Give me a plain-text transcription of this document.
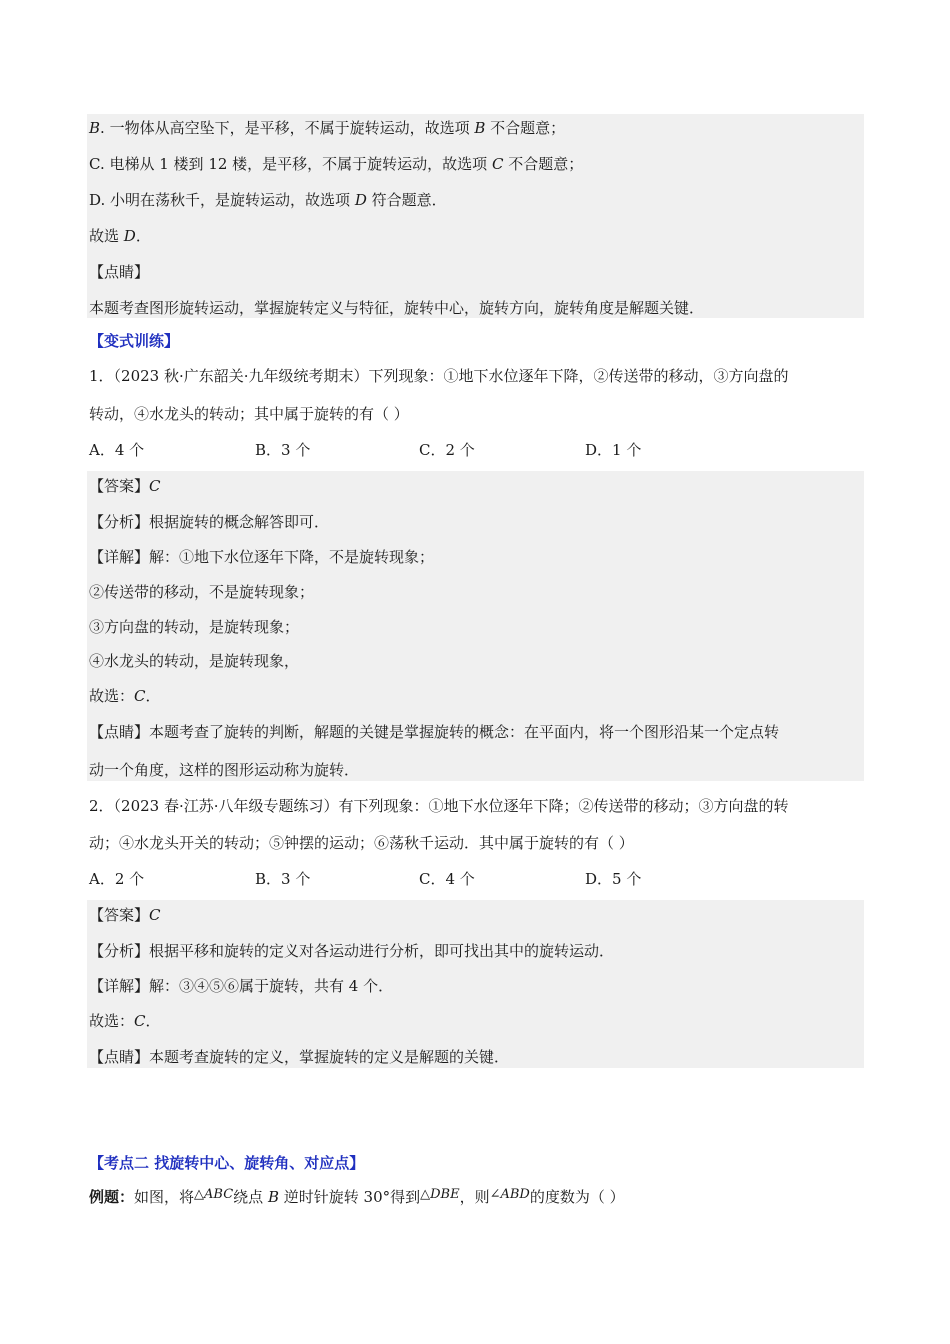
B. 一物体从高空坠下，是平移，不属于旋转运动，故选项 B 不合题意；
C. 电梯从 1 楼到 12 楼，是平移，不属于旋转运动，故选项 C 不合题意；
D. 小明在荡秋千，是旋转运动，故选项 D 符合题意．
故选 D．
【点睛】
本题考查图形旋转运动，掌握旋转定义与特征，旋转中心，旋转方向，旋转角度是解题关键．
【变式训练】
1．（2023 秋·广东韶关·九年级统考期末）下列现象：①地下水位逐年下降，②传送带的移动，③方向盘的
转动，④水龙头的转动；其中属于旋转的有（ ）
A．4 个	B．3 个	C．2 个	D．1 个
【答案】C
【分析】根据旋转的概念解答即可．
【详解】解：①地下水位逐年下降，不是旋转现象；
②传送带的移动，不是旋转现象；
③方向盘的转动，是旋转现象；
④水龙头的转动，是旋转现象，
故选：C．
【点睛】本题考查了旋转的判断，解题的关键是掌握旋转的概念：在平面内，将一个图形沿某一个定点转
动一个角度，这样的图形运动称为旋转．
2．（2023 春·江苏·八年级专题练习）有下列现象：①地下水位逐年下降；②传送带的移动；③方向盘的转
动；④水龙头开关的转动；⑤钟摆的运动；⑥荡秋千运动．其中属于旋转的有（ ）
A．2 个	B．3 个	C．4 个	D．5 个
【答案】C
【分析】根据平移和旋转的定义对各运动进行分析，即可找出其中的旋转运动．
【详解】解：③④⑤⑥属于旋转，共有 4 个．
故选：C．
【点睛】本题考查旋转的定义，掌握旋转的定义是解题的关键．
【考点二 找旋转中心、旋转角、对应点】
例题：如图，将△ABC绕点 B 逆时针旋转 30°得到△DBE，则∠ABD的度数为（ ）
